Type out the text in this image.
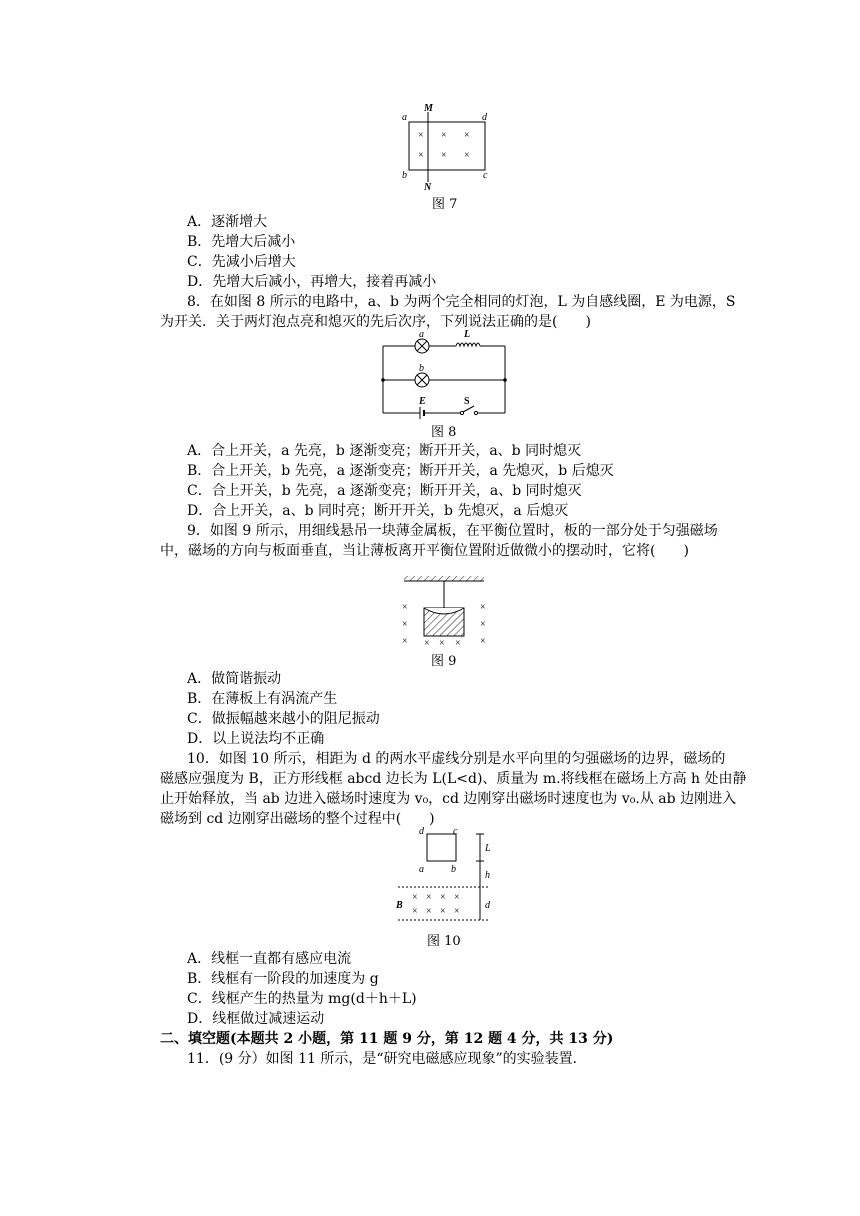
M
N
a	d
b	c
× × ×
× × ×
图 7
A．逐渐增大
B．先增大后减小
C．先减小后增大
D．先增大后减小，再增大，接着再减小
8．在如图 8 所示的电路中，a、b 为两个完全相同的灯泡，L 为自感线圈，E 为电源，S
为开关．关于两灯泡点亮和熄灭的先后次序，下列说法正确的是(　　)
a	L
b
E	S
图 8
A．合上开关，a 先亮，b 逐渐变亮；断开开关，a、b 同时熄灭
B．合上开关，b 先亮，a 逐渐变亮；断开开关，a 先熄灭，b 后熄灭
C．合上开关，b 先亮，a 逐渐变亮；断开开关，a、b 同时熄灭
D．合上开关，a、b 同时亮；断开开关，b 先熄灭，a 后熄灭
9．如图 9 所示，用细线悬吊一块薄金属板，在平衡位置时，板的一部分处于匀强磁场
中，磁场的方向与板面垂直，当让薄板离开平衡位置附近做微小的摆动时，它将(　　)
×
×
×
×
×
×
× × ×
图 9
A．做简谐振动
B．在薄板上有涡流产生
C．做振幅越来越小的阻尼振动
D．以上说法均不正确
10．如图 10 所示，相距为 d 的两水平虚线分别是水平向里的匀强磁场的边界，磁场的
磁感应强度为 B，正方形线框 abcd 边长为 L(L<d)、质量为 m.将线框在磁场上方高 h 处由静
止开始释放，当 ab 边进入磁场时速度为 v₀，cd 边刚穿出磁场时速度也为 v₀.从 ab 边刚进入
磁场到 cd 边刚穿出磁场的整个过程中(　　)
d	c
a	b
L
h
d
B
× × × ×
× × × ×
图 10
A．线框一直都有感应电流
B．线框有一阶段的加速度为 g
C．线框产生的热量为 mg(d＋h＋L)
D．线框做过减速运动
二、填空题(本题共 2 小题，第 11 题 9 分，第 12 题 4 分，共 13 分)
11．(9 分）如图 11 所示，是“研究电磁感应现象”的实验装置．
